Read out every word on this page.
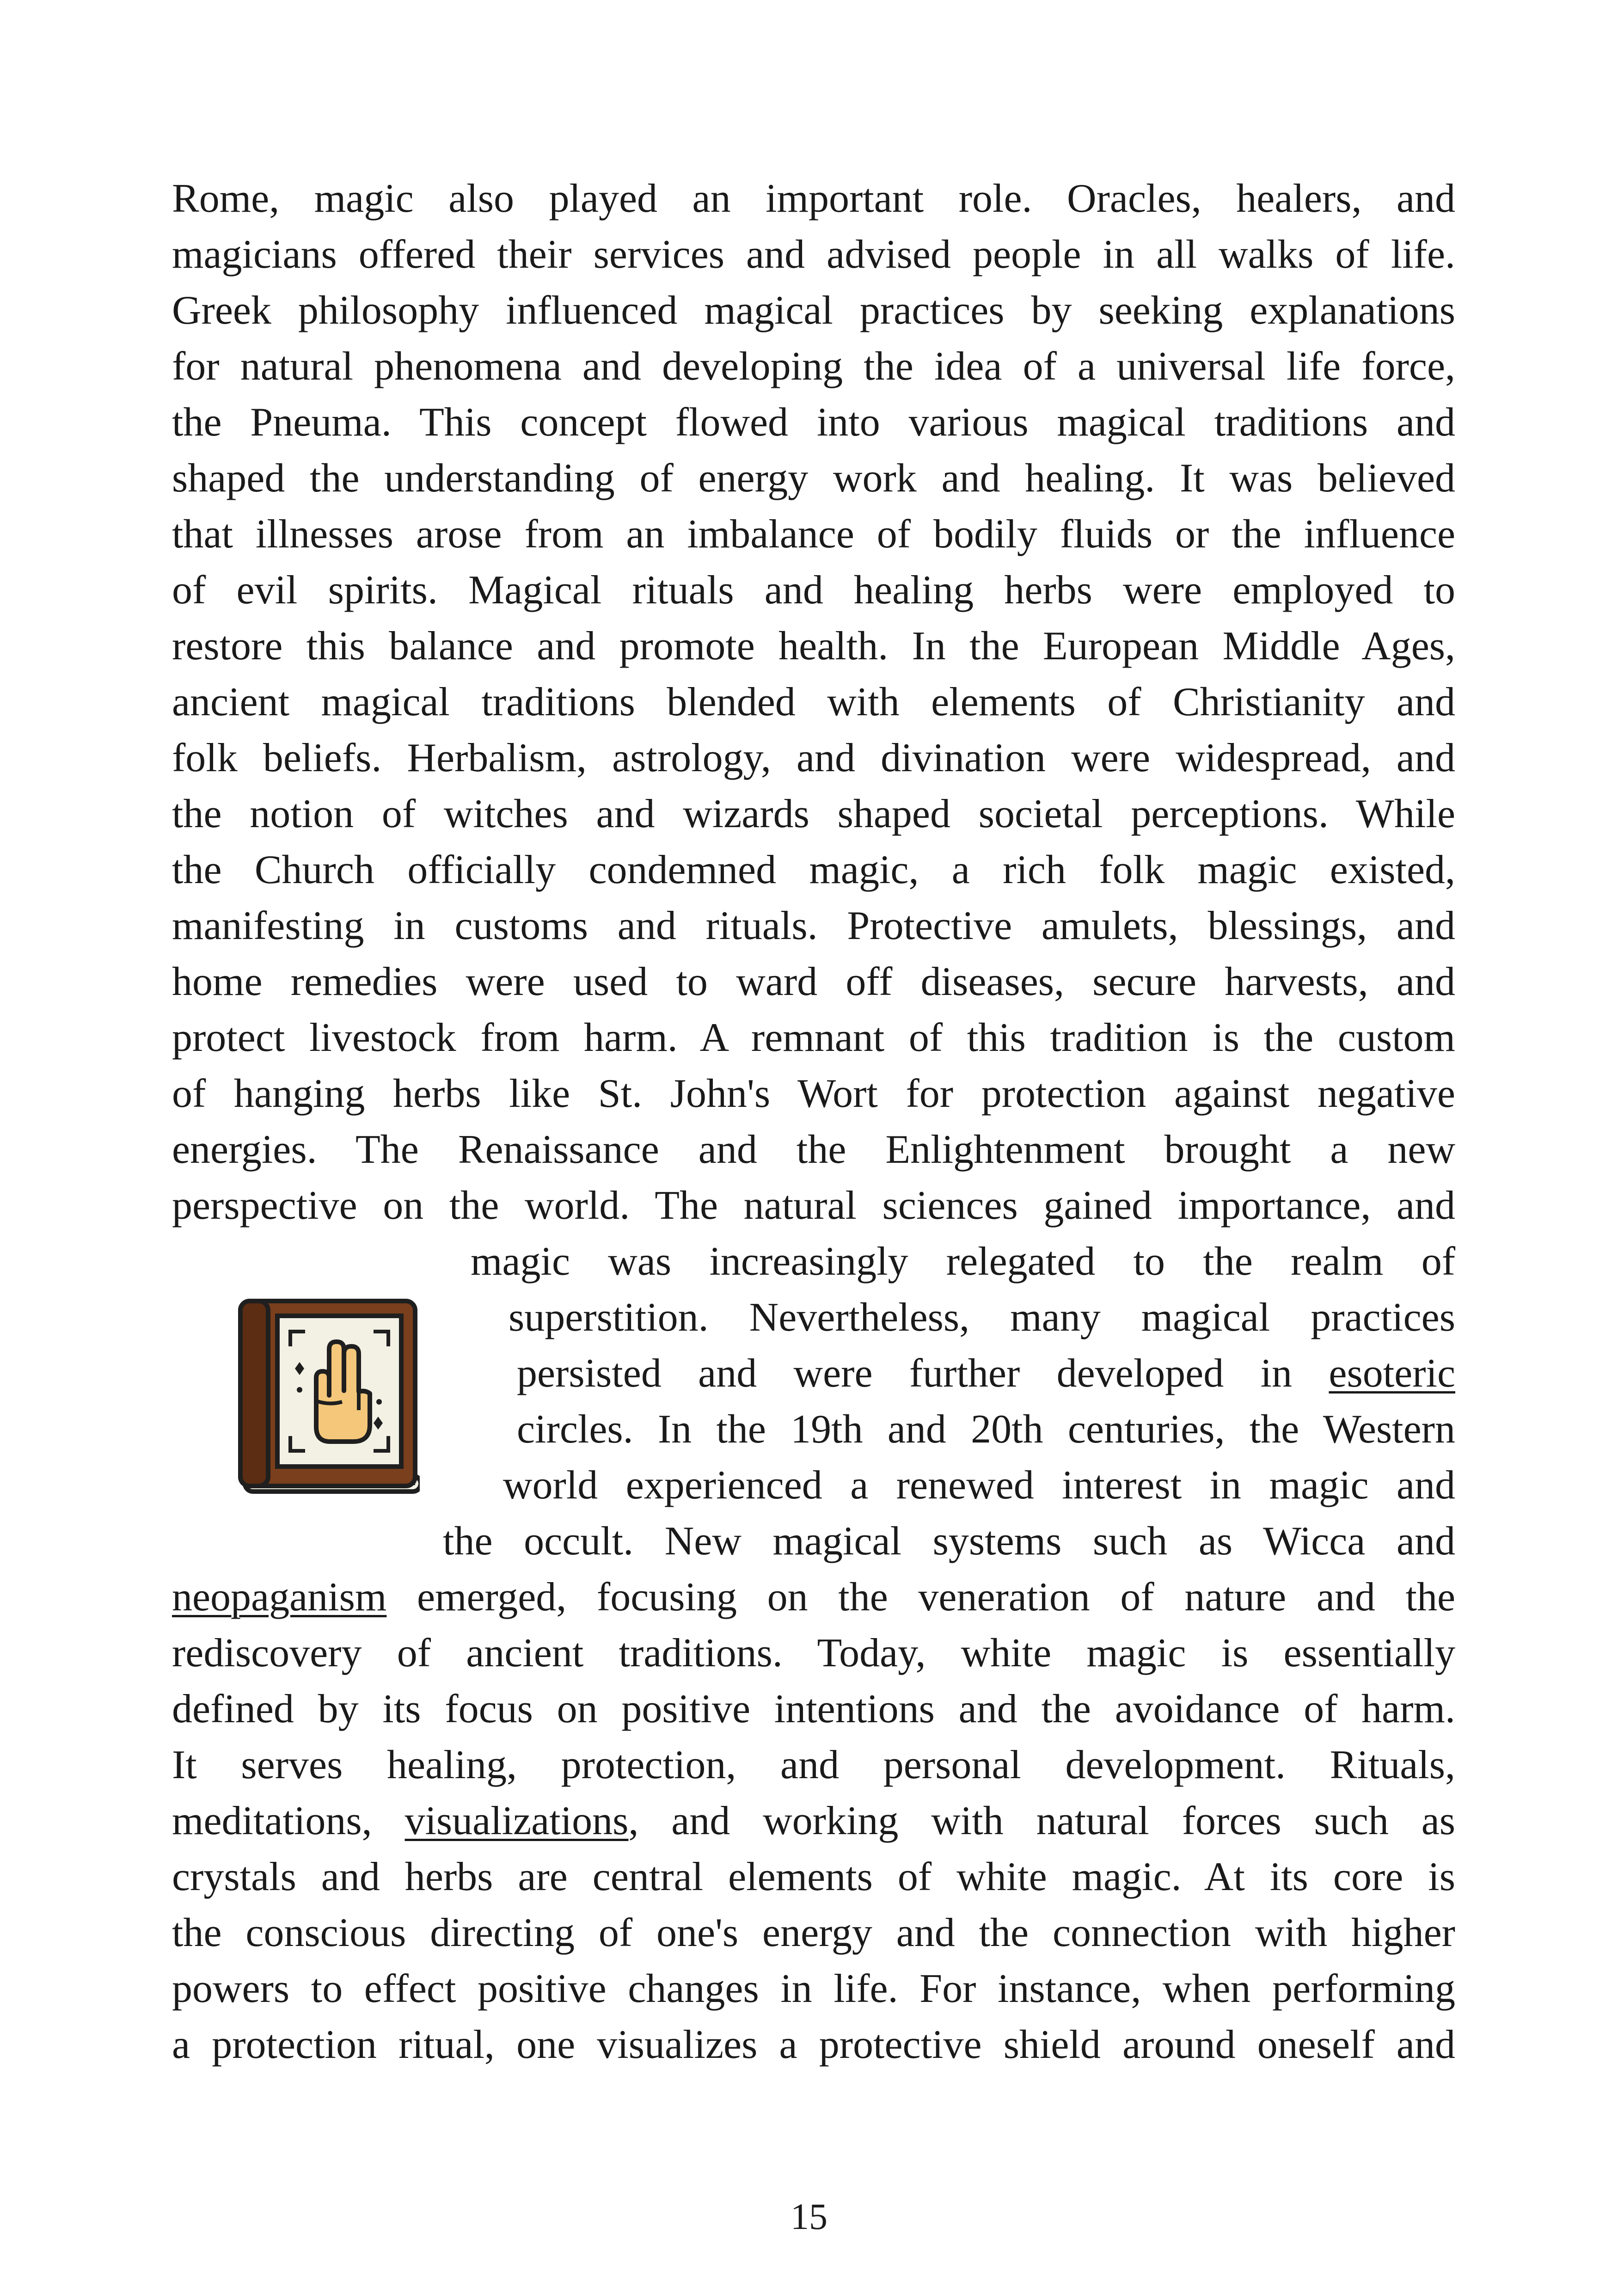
Rome, magic also played an important role. Oracles, healers, and

magicians offered their services and advised people in all walks of life.

Greek philosophy influenced magical practices by seeking explanations

for natural phenomena and developing the idea of a universal life force,

the Pneuma. This concept flowed into various magical traditions and

shaped the understanding of energy work and healing. It was believed

that illnesses arose from an imbalance of bodily fluids or the influence

of evil spirits. Magical rituals and healing herbs were employed to

restore this balance and promote health. In the European Middle Ages,

ancient magical traditions blended with elements of Christianity and

folk beliefs. Herbalism, astrology, and divination were widespread, and

the notion of witches and wizards shaped societal perceptions. While

the Church officially condemned magic, a rich folk magic existed,

manifesting in customs and rituals. Protective amulets, blessings, and

home remedies were used to ward off diseases, secure harvests, and

protect livestock from harm. A remnant of this tradition is the custom

of hanging herbs like St. John's Wort for protection against negative

energies. The Renaissance and the Enlightenment brought a new

perspective on the world. The natural sciences gained importance, and

magic was increasingly relegated to the realm of

superstition. Nevertheless, many magical practices

persisted and were further developed in esoteric

circles. In the 19th and 20th centuries, the Western

world experienced a renewed interest in magic and

the occult. New magical systems such as Wicca and

neopaganism emerged, focusing on the veneration of nature and the

rediscovery of ancient traditions. Today, white magic is essentially

defined by its focus on positive intentions and the avoidance of harm.

It serves healing, protection, and personal development. Rituals,

meditations, visualizations, and working with natural forces such as

crystals and herbs are central elements of white magic. At its core is

the conscious directing of one's energy and the connection with higher

powers to effect positive changes in life. For instance, when performing

a protection ritual, one visualizes a protective shield around oneself and

15
